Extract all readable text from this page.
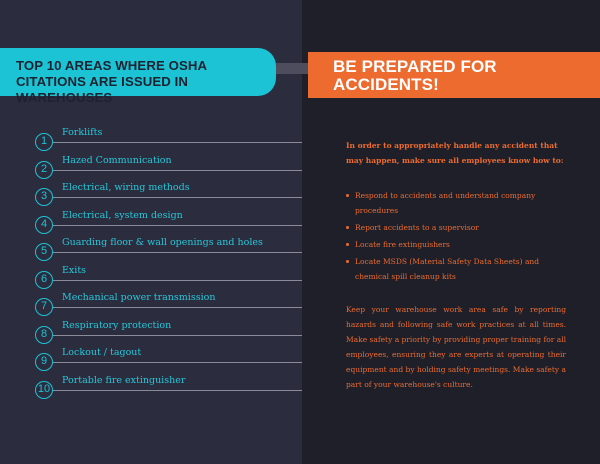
TOP 10 AREAS WHERE OSHA CITATIONS ARE ISSUED IN WAREHOUSES
BE PREPARED FOR ACCIDENTS!
1
Forklifts
2
Hazed Communication
3
Electrical, wiring methods
4
Electrical, system design
5
Guarding floor & wall openings and holes
6
Exits
7
Mechanical power transmission
8
Respiratory protection
9
Lockout / tagout
10
Portable fire extinguisher

In order to appropriately handle any accident that may happen, make sure all employees know how to:

Respond to accidents and understand company procedures
Report accidents to a supervisor
Locate fire extinguishers
Locate MSDS (Material Safety Data Sheets) and chemical spill cleanup kits

Keep your warehouse work area safe by reporting hazards and following safe work practices at all times. Make safety a priority by providing proper training for all employees, ensuring they are experts at operating their equipment and by holding safety meetings. Make safety a part of your warehouse's culture.
